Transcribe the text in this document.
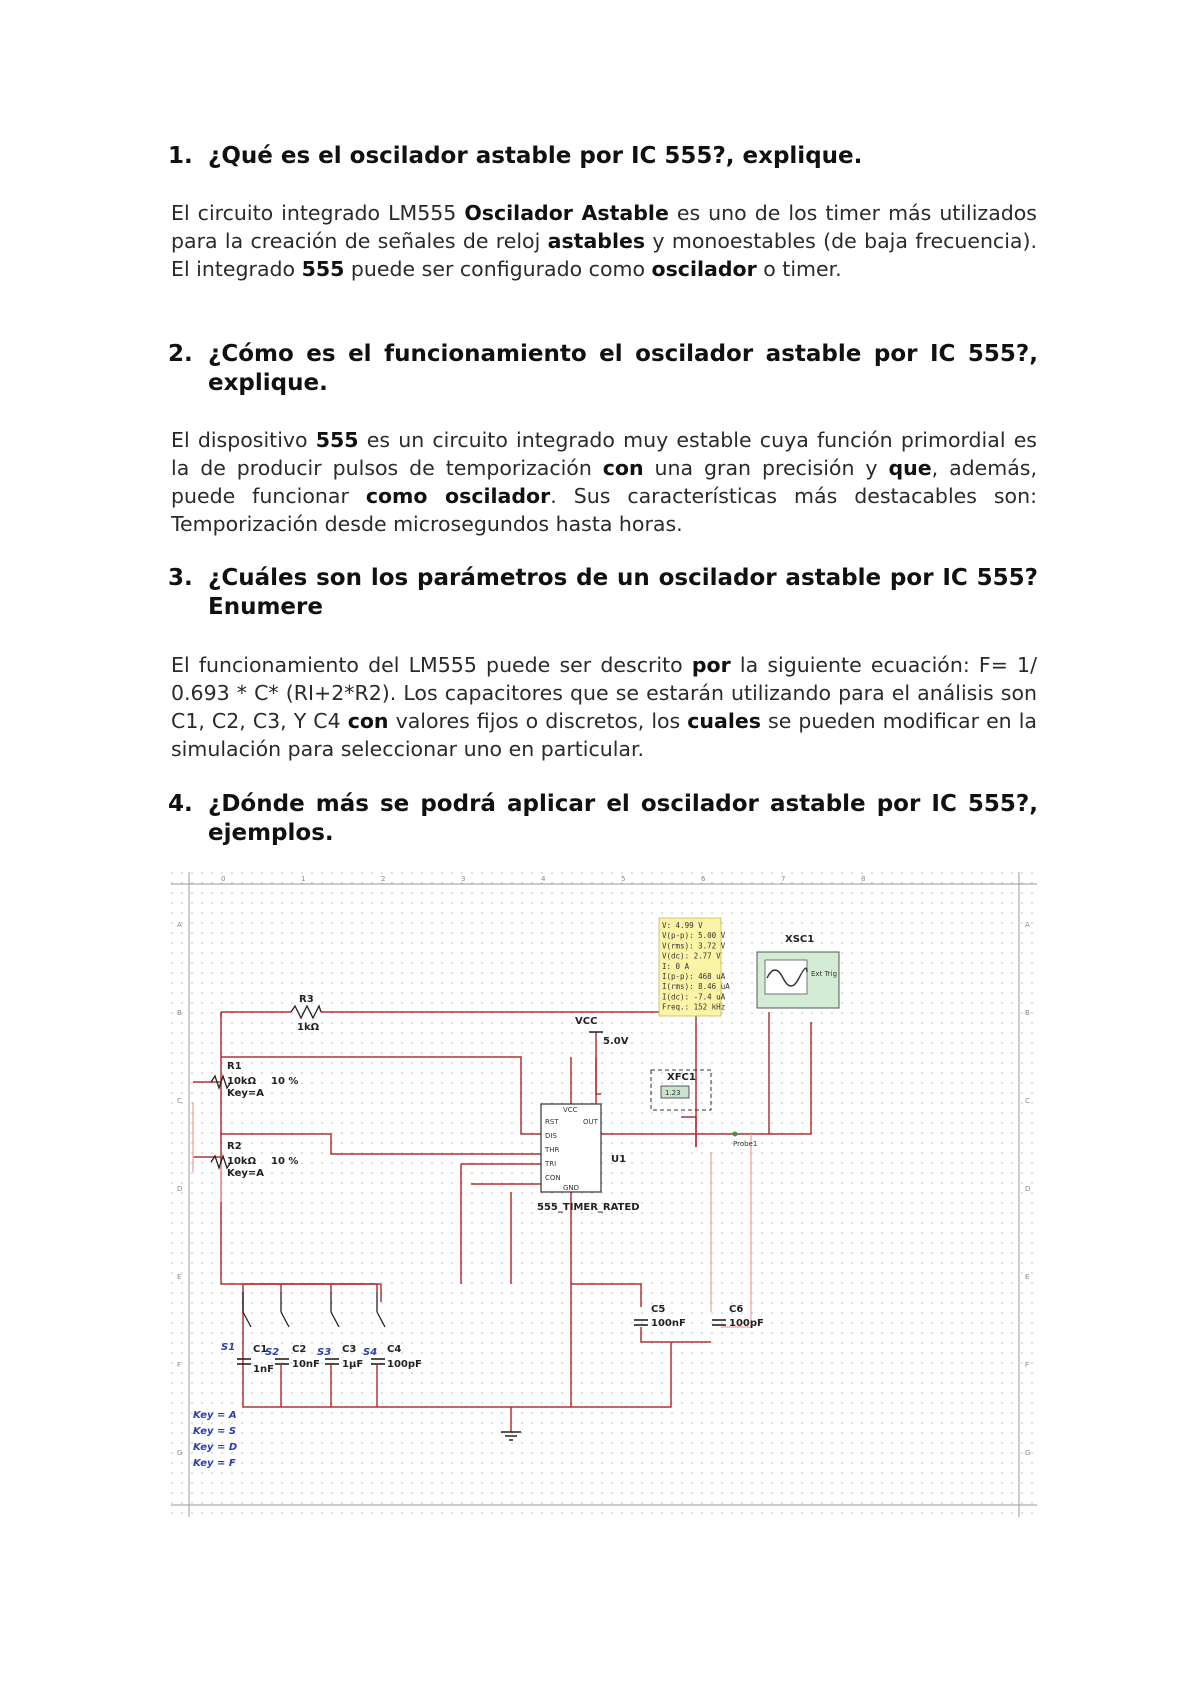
1. ¿Qué es el oscilador astable por IC 555?, explique.
El circuito integrado LM555 Oscilador Astable es uno de los timer más utilizados para la creación de señales de reloj astables y monoestables (de baja frecuencia). El integrado 555 puede ser configurado como oscilador o timer.
2. ¿Cómo es el funcionamiento el oscilador astable por IC 555?, explique.
El dispositivo 555 es un circuito integrado muy estable cuya función primordial es la de producir pulsos de temporización con una gran precisión y que, además, puede funcionar como oscilador. Sus características más destacables son: Temporización desde microsegundos hasta horas.
3. ¿Cuáles son los parámetros de un oscilador astable por IC 555? Enumere
El funcionamiento del LM555 puede ser descrito por la siguiente ecuación: F= 1/ 0.693 * C* (RI+2*R2). Los capacitores que se estarán utilizando para el análisis son C1, C2, C3, Y C4 con valores fijos o discretos, los cuales se pueden modificar en la simulación para seleccionar uno en particular.
4. ¿Dónde más se podrá aplicar el oscilador astable por IC 555?, ejemplos.
0	1	2	3	4	5	6	7	8
A	A
B	B
C	C
D	D
E	E
F	F
G	G
R3
1kΩ
R1
10kΩ
Key=A
10 %
R2
10kΩ
Key=A
10 %
VCC
5.0V
VCC
RST
DIS
THR
TRI
CON
OUT
GND
U1
555_TIMER_RATED
1.23
XFC1
V: 4.99 V
V(p-p): 5.00 V
V(rms): 3.72 V
V(dc): 2.77 V
I: 0 A
I(p-p): 468 uA
I(rms): 8.46 uA
I(dc): -7.4 uA
Freq.: 152 kHz
Probe1
XSC1
Ext Trig
S1	S2	S3	S4
C1
1nF
C2
10nF
C3
1µF
C4
100pF
C5
100nF
C6
100pF
Key = A
Key = S
Key = D
Key = F
